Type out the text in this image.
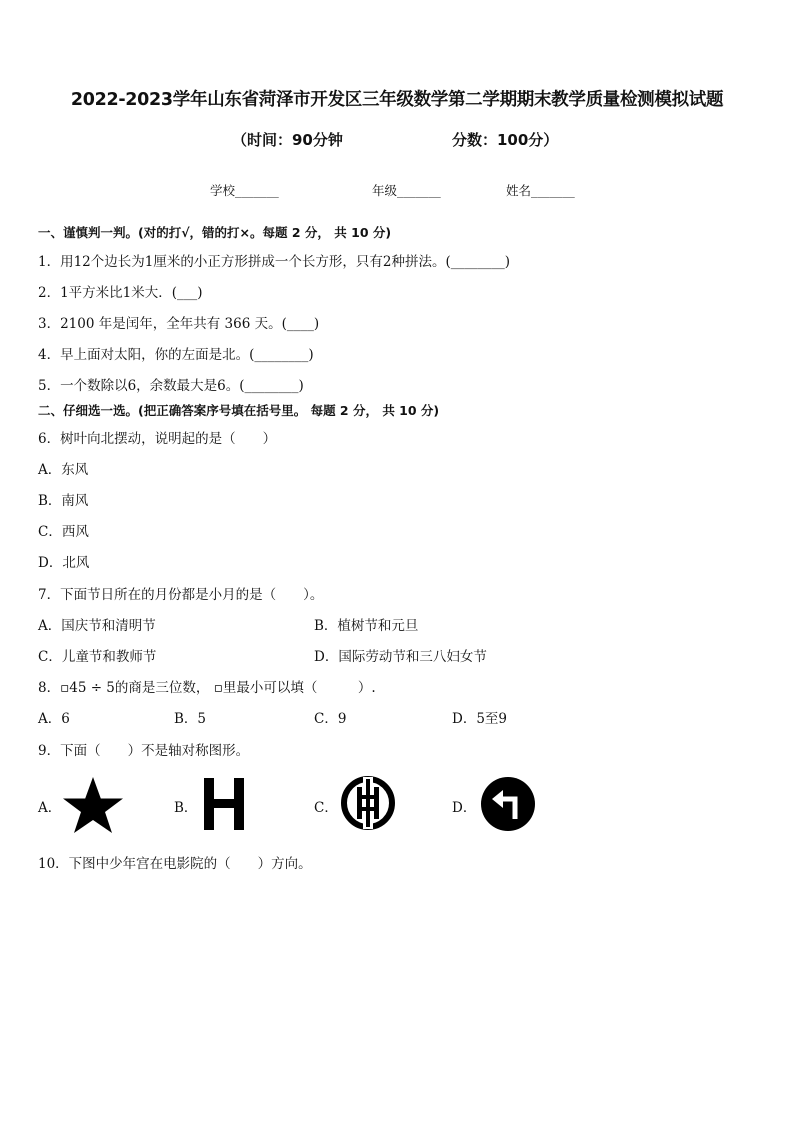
2022-2023学年山东省菏泽市开发区三年级数学第二学期期末教学质量检测模拟试题
（时间：90分钟	分数：100分）
学校_______	年级_______	姓名_______
一、谨慎判一判。(对的打√，错的打×。每题 2 分， 共 10 分)
1．用12个边长为1厘米的小正方形拼成一个长方形，只有2种拼法。(________)
2．1平方米比1米大．(___)
3．2100 年是闰年，全年共有 366 天。(____)
4．早上面对太阳，你的左面是北。(________)
5．一个数除以6，余数最大是6。(________)
二、仔细选一选。(把正确答案序号填在括号里。 每题 2 分， 共 10 分)
6．树叶向北摆动，说明起的是（　　）
A．东风
B．南风
C．西风
D．北风
7．下面节日所在的月份都是小月的是（　　）。
A．国庆节和清明节	B．植树节和元旦
C．儿童节和教师节	D．国际劳动节和三八妇女节
8．▫45 ÷ 5的商是三位数， ▫里最小可以填（　　　）.
A．6	B．5	C．9	D．5至9
9．下面（　　）不是轴对称图形。
A．	B．	C．	D．
10．下图中少年宫在电影院的（　　）方向。
